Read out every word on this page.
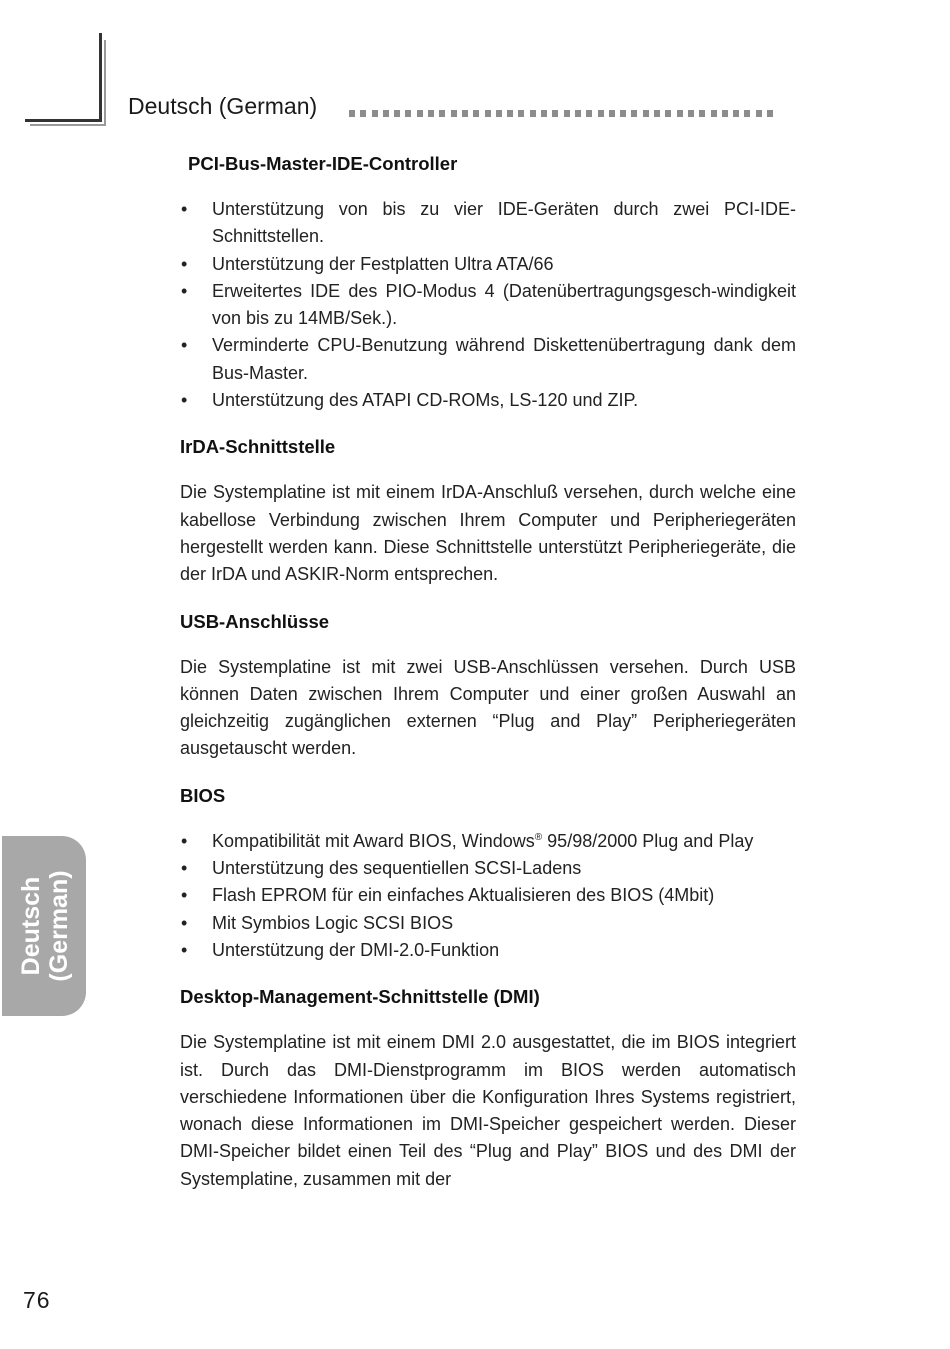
Deutsch (German)
PCI-Bus-Master-IDE-Controller
• Unterstützung von bis zu vier IDE-Geräten durch zwei PCI-IDE-Schnittstellen.
• Unterstützung der Festplatten Ultra ATA/66
• Erweitertes IDE des PIO-Modus 4 (Datenübertragungsgesch-windigkeit von bis zu 14MB/Sek.).
• Verminderte CPU-Benutzung während Diskettenübertragung dank dem Bus-Master.
• Unterstützung des ATAPI CD-ROMs, LS-120 und ZIP.
IrDA-Schnittstelle

Die Systemplatine ist mit einem IrDA-Anschluß versehen, durch welche eine kabellose Verbindung zwischen Ihrem Computer und Peripheriegeräten hergestellt werden kann. Diese Schnittstelle unterstützt Peripheriegeräte, die der IrDA und ASKIR-Norm entsprechen.

USB-Anschlüsse

Die Systemplatine ist mit zwei USB-Anschlüssen versehen. Durch USB können Daten zwischen Ihrem Computer und einer großen Auswahl an gleichzeitig zugänglichen externen “Plug and Play” Peripheriegeräten ausgetauscht werden.

BIOS
• Kompatibilität mit Award BIOS, Windows® 95/98/2000 Plug and Play
• Unterstützung des sequentiellen SCSI-Ladens
• Flash EPROM für ein einfaches Aktualisieren des BIOS (4Mbit)
• Mit Symbios Logic SCSI BIOS
• Unterstützung der DMI-2.0-Funktion
Desktop-Management-Schnittstelle (DMI)

Die Systemplatine ist mit einem DMI 2.0 ausgestattet, die im BIOS integriert ist. Durch das DMI-Dienstprogramm im BIOS werden automatisch verschiedene Informationen über die Konfiguration Ihres Systems registriert, wonach diese Informationen im DMI-Speicher gespeichert werden. Dieser DMI-Speicher bildet einen Teil des “Plug and Play” BIOS und des DMI der Systemplatine, zusammen mit der

Deutsch (German)
76
